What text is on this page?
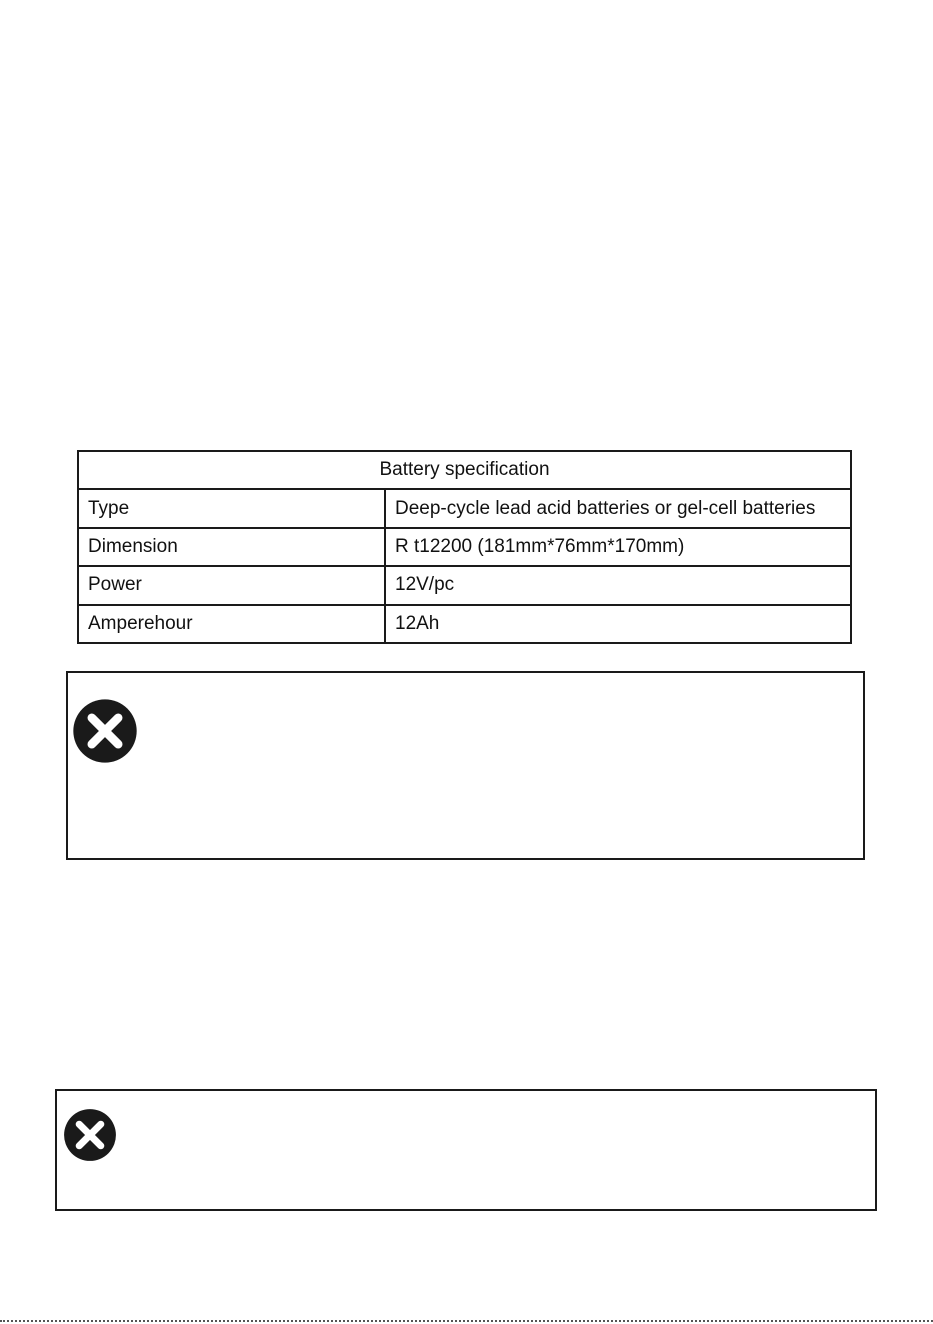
Battery specification	
Type	Deep-cycle lead acid batteries or gel-cell batteries
Dimension	R t12200 (181mm*76mm*170mm)
Power	12V/pc
Amperehour	12Ah
